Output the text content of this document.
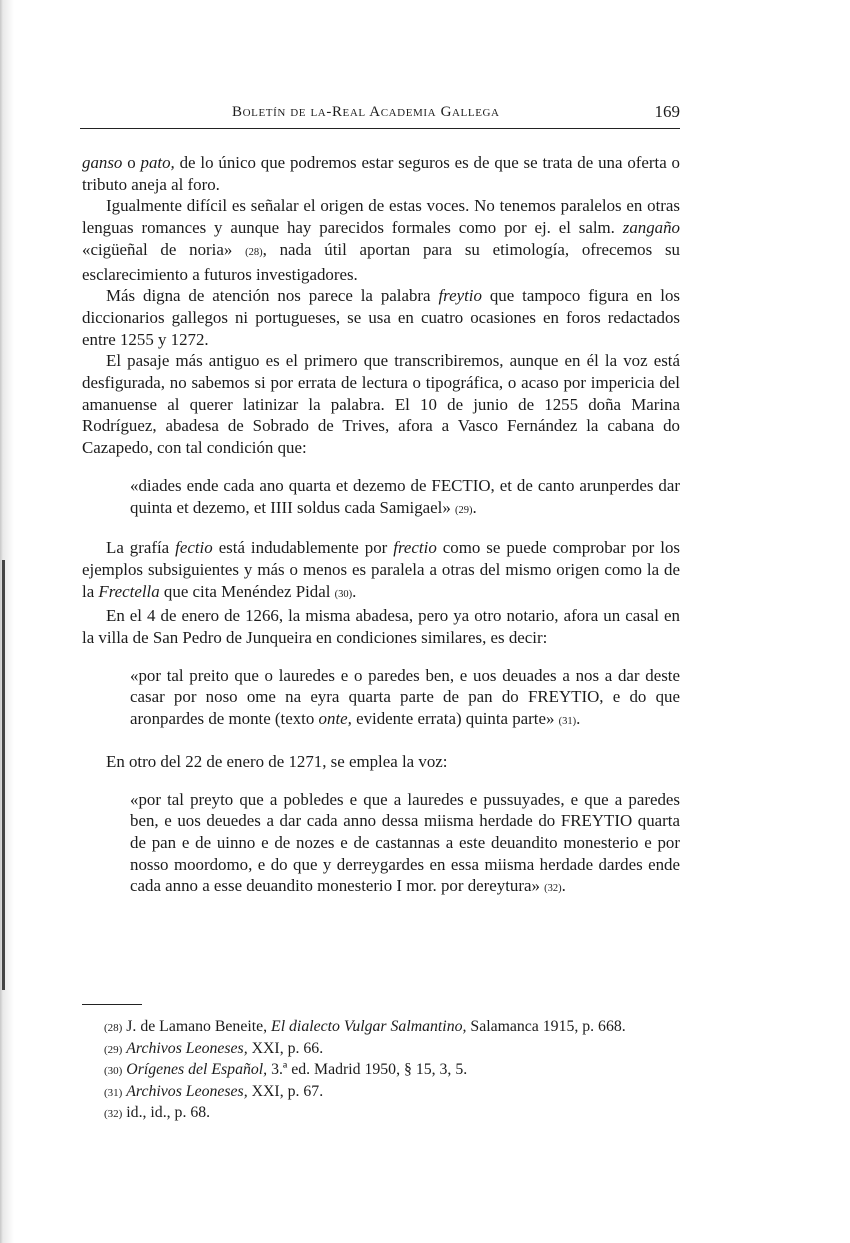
Boletín de la-Real Academia Gallega	169

ganso o pato, de lo único que podremos estar seguros es de que se trata de una oferta o tributo aneja al foro.

Igualmente difícil es señalar el origen de estas voces. No tenemos paralelos en otras lenguas romances y aunque hay parecidos formales como por ej. el salm. zangaño «cigüeñal de noria» (28), nada útil aportan para su etimología, ofrecemos su esclarecimiento a futuros investigadores.

Más digna de atención nos parece la palabra freytio que tampoco figura en los diccionarios gallegos ni portugueses, se usa en cuatro ocasiones en foros redactados entre 1255 y 1272.

El pasaje más antiguo es el primero que transcribiremos, aunque en él la voz está desfigurada, no sabemos si por errata de lectura o tipográfica, o acaso por impericia del amanuense al querer latinizar la palabra. El 10 de junio de 1255 doña Marina Rodríguez, abadesa de Sobrado de Trives, afora a Vasco Fernández la cabana do Cazapedo, con tal condición que:

«diades ende cada ano quarta et dezemo de FECTIO, et de canto arunperdes dar quinta et dezemo, et IIII soldus cada Samigael» (29).

La grafía fectio está indudablemente por frectio como se puede comprobar por los ejemplos subsiguientes y más o menos es paralela a otras del mismo origen como la de la Frectella que cita Menéndez Pidal (30).

En el 4 de enero de 1266, la misma abadesa, pero ya otro notario, afora un casal en la villa de San Pedro de Junqueira en condiciones similares, es decir:

«por tal preito que o lauredes e o paredes ben, e uos deuades a nos a dar deste casar por noso ome na eyra quarta parte de pan do FREYTIO, e do que aronpardes de monte (texto onte, evidente errata) quinta parte» (31).

En otro del 22 de enero de 1271, se emplea la voz:

«por tal preyto que a pobledes e que a lauredes e pussuyades, e que a paredes ben, e uos deuedes a dar cada anno dessa miisma herdade do FREYTIO quarta de pan e de uinno e de nozes e de castannas a este deuandito monesterio e por nosso moordomo, e do que y derreygardes en essa miisma herdade dardes ende cada anno a esse deuandito monesterio I mor. por dereytura» (32).
(28) J. de Lamano Beneite, El dialecto Vulgar Salmantino, Salamanca 1915, p. 668.
(29) Archivos Leoneses, XXI, p. 66.
(30) Orígenes del Español, 3.ª ed. Madrid 1950, § 15, 3, 5.
(31) Archivos Leoneses, XXI, p. 67.
(32) id., id., p. 68.
